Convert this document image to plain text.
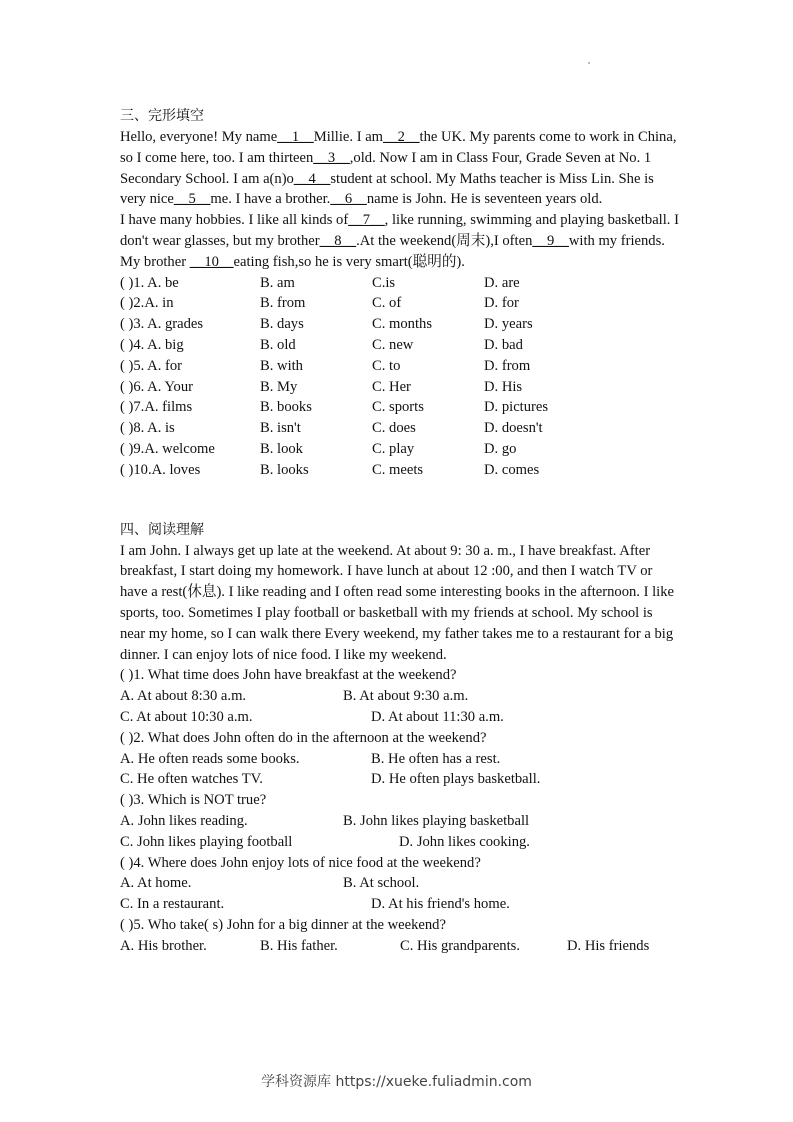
三、完形填空
Hello, everyone! My name__1__Millie. I am__2__the UK. My parents come to work in China, so I come here, too. I am thirteen__3__,old. Now I am in Class Four, Grade Seven at No. 1 Secondary School. I am a(n)o__4__student at school. My Maths teacher is Miss Lin. She is very nice__5__me. I have a brother.__6__name is John. He is seventeen years old.
I have many hobbies. I like all kinds of__7__, like running, swimming and playing basketball. I don't wear glasses, but my brother__8__.At the weekend(周末),I often__9__with my friends. My brother __10__eating fish,so he is very smart(聪明的).
( )1. A. be	B. am	C.is	D. are
( )2.A. in	B. from	C. of	D. for
( )3. A. grades	B. days	C. months	D. years
( )4. A. big	B. old	C. new	D. bad
( )5. A. for	B. with	C. to	D. from
( )6. A. Your	B. My	C. Her	D. His
( )7.A. films	B. books	C. sports	D. pictures
( )8. A. is	B. isn't	C. does	D. doesn't
( )9.A. welcome	B. look	C. play	D. go
( )10.A. loves	B. looks	C. meets	D. comes
四、阅读理解
I am John. I always get up late at the weekend. At about 9: 30 a. m., I have breakfast. After breakfast, I start doing my homework. I have lunch at about 12 :00, and then I watch TV or have a rest(休息). I like reading and I often read some interesting books in the afternoon. I like sports, too. Sometimes I play football or basketball with my friends at school. My school is near my home, so I can walk there Every weekend, my father takes me to a restaurant for a big dinner. I can enjoy lots of nice food. I like my weekend.
( )1. What time does John have breakfast at the weekend?
A. At about 8:30 a.m.	B. At about 9:30 a.m.
C. At about 10:30 a.m.	D. At about 11:30 a.m.
( )2. What does John often do in the afternoon at the weekend?
A. He often reads some books.	B. He often has a rest.
C. He often watches TV.	D. He often plays basketball.
( )3. Which is NOT true?
A. John likes reading.	B. John likes playing basketball
C. John likes playing football	D. John likes cooking.
( )4. Where does John enjoy lots of nice food at the weekend?
A. At home.	B. At school.
C. In a restaurant.	D. At his friend's home.
( )5. Who take( s) John for a big dinner at the weekend?
A. His brother.	B. His father.	C. His grandparents.	D. His friends
学科资源库 https://xueke.fuliadmin.com
